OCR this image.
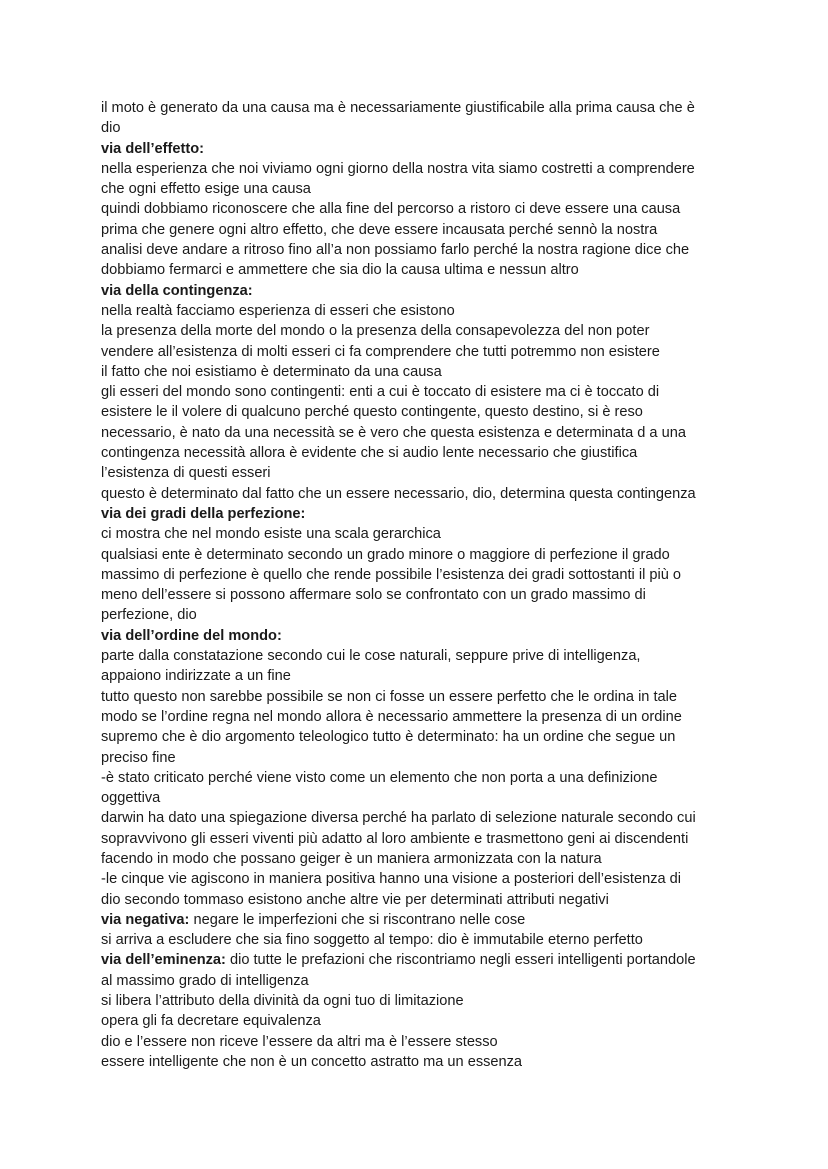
il moto è generato da una causa ma è necessariamente giustificabile alla prima causa che è
dio
via dell’effetto:
nella esperienza che noi viviamo ogni giorno della nostra vita siamo costretti a comprendere
che ogni effetto esige una causa
quindi dobbiamo riconoscere che alla fine del percorso a ristoro ci deve essere una causa
prima che genere ogni altro effetto, che deve essere incausata perché sennò la nostra
analisi deve andare a ritroso fino all’a non possiamo farlo perché la nostra ragione dice che
dobbiamo fermarci e ammettere che sia dio la causa ultima e nessun altro
via della contingenza:
nella realtà facciamo esperienza di esseri che esistono
la presenza della morte del mondo o la presenza della consapevolezza del non poter
vendere all’esistenza di molti esseri ci fa comprendere che tutti potremmo non esistere
il fatto che noi esistiamo è determinato da una causa
gli esseri del mondo sono contingenti: enti a cui è toccato di esistere ma ci è toccato di
esistere le il volere di qualcuno perché questo contingente, questo destino, si è reso
necessario, è nato da una necessità se è vero che questa esistenza e determinata d a una
contingenza necessità allora è evidente che si audio lente necessario che giustifica
l’esistenza di questi esseri
questo è determinato dal fatto che un essere necessario, dio, determina questa contingenza
via dei gradi della perfezione:
ci mostra che nel mondo esiste una scala gerarchica
qualsiasi ente è determinato secondo un grado minore o maggiore di perfezione il grado
massimo di perfezione è quello che rende possibile l’esistenza dei gradi sottostanti il più o
meno dell’essere si possono affermare solo se confrontato con un grado massimo di
perfezione, dio
via dell’ordine del mondo:
parte dalla constatazione secondo cui le cose naturali, seppure prive di intelligenza,
appaiono indirizzate a un fine
tutto questo non sarebbe possibile se non ci fosse un essere perfetto che le ordina in tale
modo se l’ordine regna nel mondo allora è necessario ammettere la presenza di un ordine
supremo che è dio argomento teleologico tutto è determinato: ha un ordine che segue un
preciso fine
-è stato criticato perché viene visto come un elemento che non porta a una definizione
oggettiva
darwin ha dato una spiegazione diversa perché ha parlato di selezione naturale secondo cui
sopravvivono gli esseri viventi più adatto al loro ambiente e trasmettono geni ai discendenti
facendo in modo che possano geiger è un maniera armonizzata con la natura
-le cinque vie agiscono in maniera positiva hanno una visione a posteriori dell’esistenza di
dio secondo tommaso esistono anche altre vie per determinati attributi negativi
via negativa: negare le imperfezioni che si riscontrano nelle cose
si arriva a escludere che sia fino soggetto al tempo: dio è immutabile eterno perfetto
via dell’eminenza: dio tutte le prefazioni che riscontriamo negli esseri intelligenti portandole
al massimo grado di intelligenza
si libera l’attributo della divinità da ogni tuo di limitazione
opera gli fa decretare equivalenza
dio e l’essere non riceve l’essere da altri ma è l’essere stesso
essere intelligente che non è un concetto astratto ma un essenza
